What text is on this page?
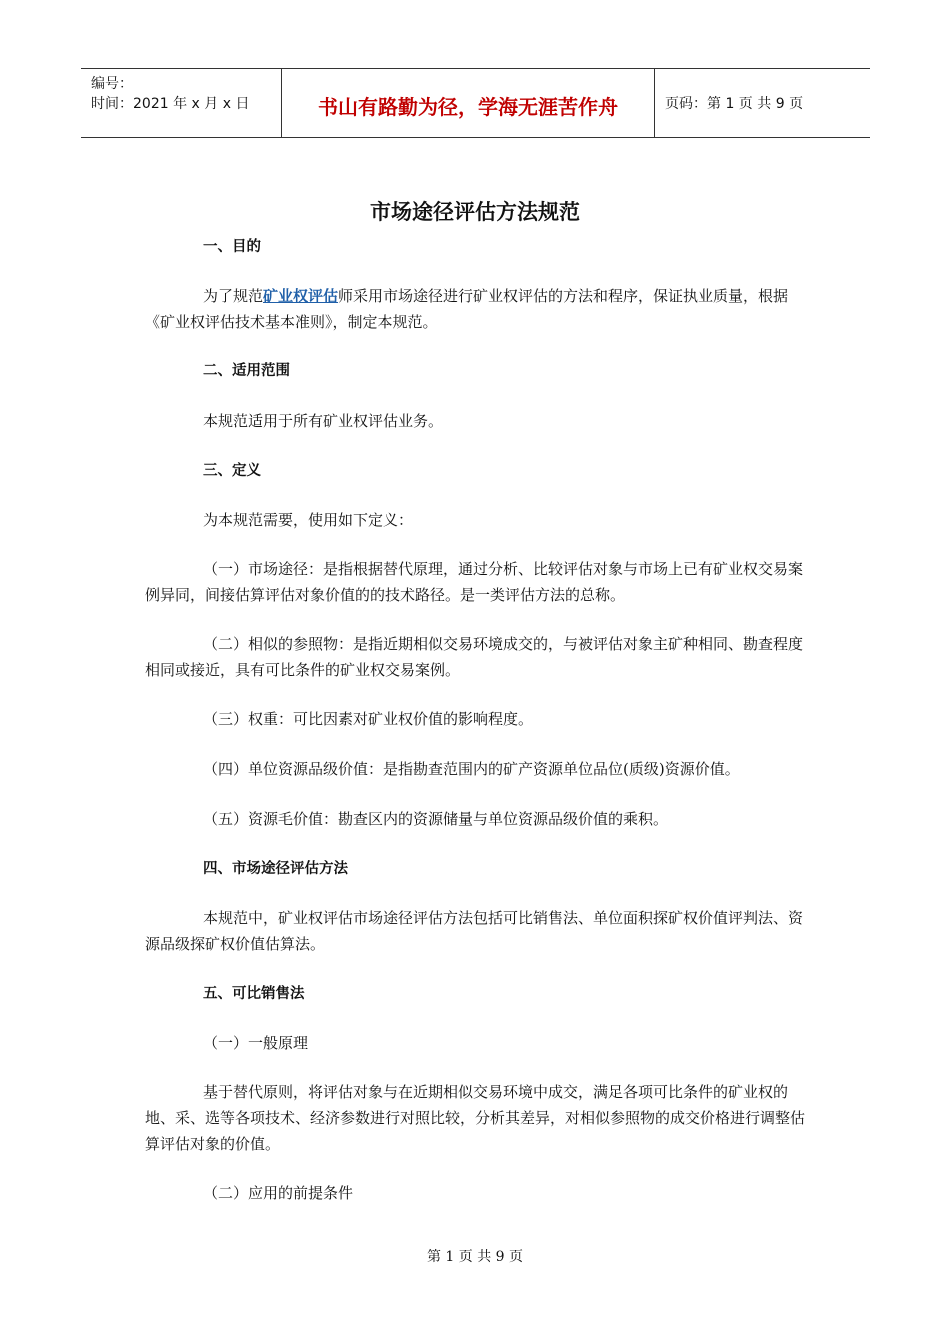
编号：
时间：2021 年 x 月 x 日	书山有路勤为径，学海无涯苦作舟	页码：第 1 页 共 9 页
市场途径评估方法规范
一、目的
为了规范矿业权评估师采用市场途径进行矿业权评估的方法和程序，保证执业质量，根据《矿业权评估技术基本准则》，制定本规范。
二、适用范围
本规范适用于所有矿业权评估业务。
三、定义
为本规范需要，使用如下定义：
（一）市场途径：是指根据替代原理，通过分析、比较评估对象与市场上已有矿业权交易案例异同，间接估算评估对象价值的的技术路径。是一类评估方法的总称。
（二）相似的参照物：是指近期相似交易环境成交的，与被评估对象主矿种相同、勘查程度相同或接近，具有可比条件的矿业权交易案例。
（三）权重：可比因素对矿业权价值的影响程度。
（四）单位资源品级价值：是指勘查范围内的矿产资源单位品位(质级)资源价值。
（五）资源毛价值：勘查区内的资源储量与单位资源品级价值的乘积。
四、市场途径评估方法
本规范中，矿业权评估市场途径评估方法包括可比销售法、单位面积探矿权价值评判法、资源品级探矿权价值估算法。
五、可比销售法
（一）一般原理
基于替代原则，将评估对象与在近期相似交易环境中成交，满足各项可比条件的矿业权的地、采、选等各项技术、经济参数进行对照比较，分析其差异，对相似参照物的成交价格进行调整估算评估对象的价值。
（二）应用的前提条件
第 1 页 共 9 页
